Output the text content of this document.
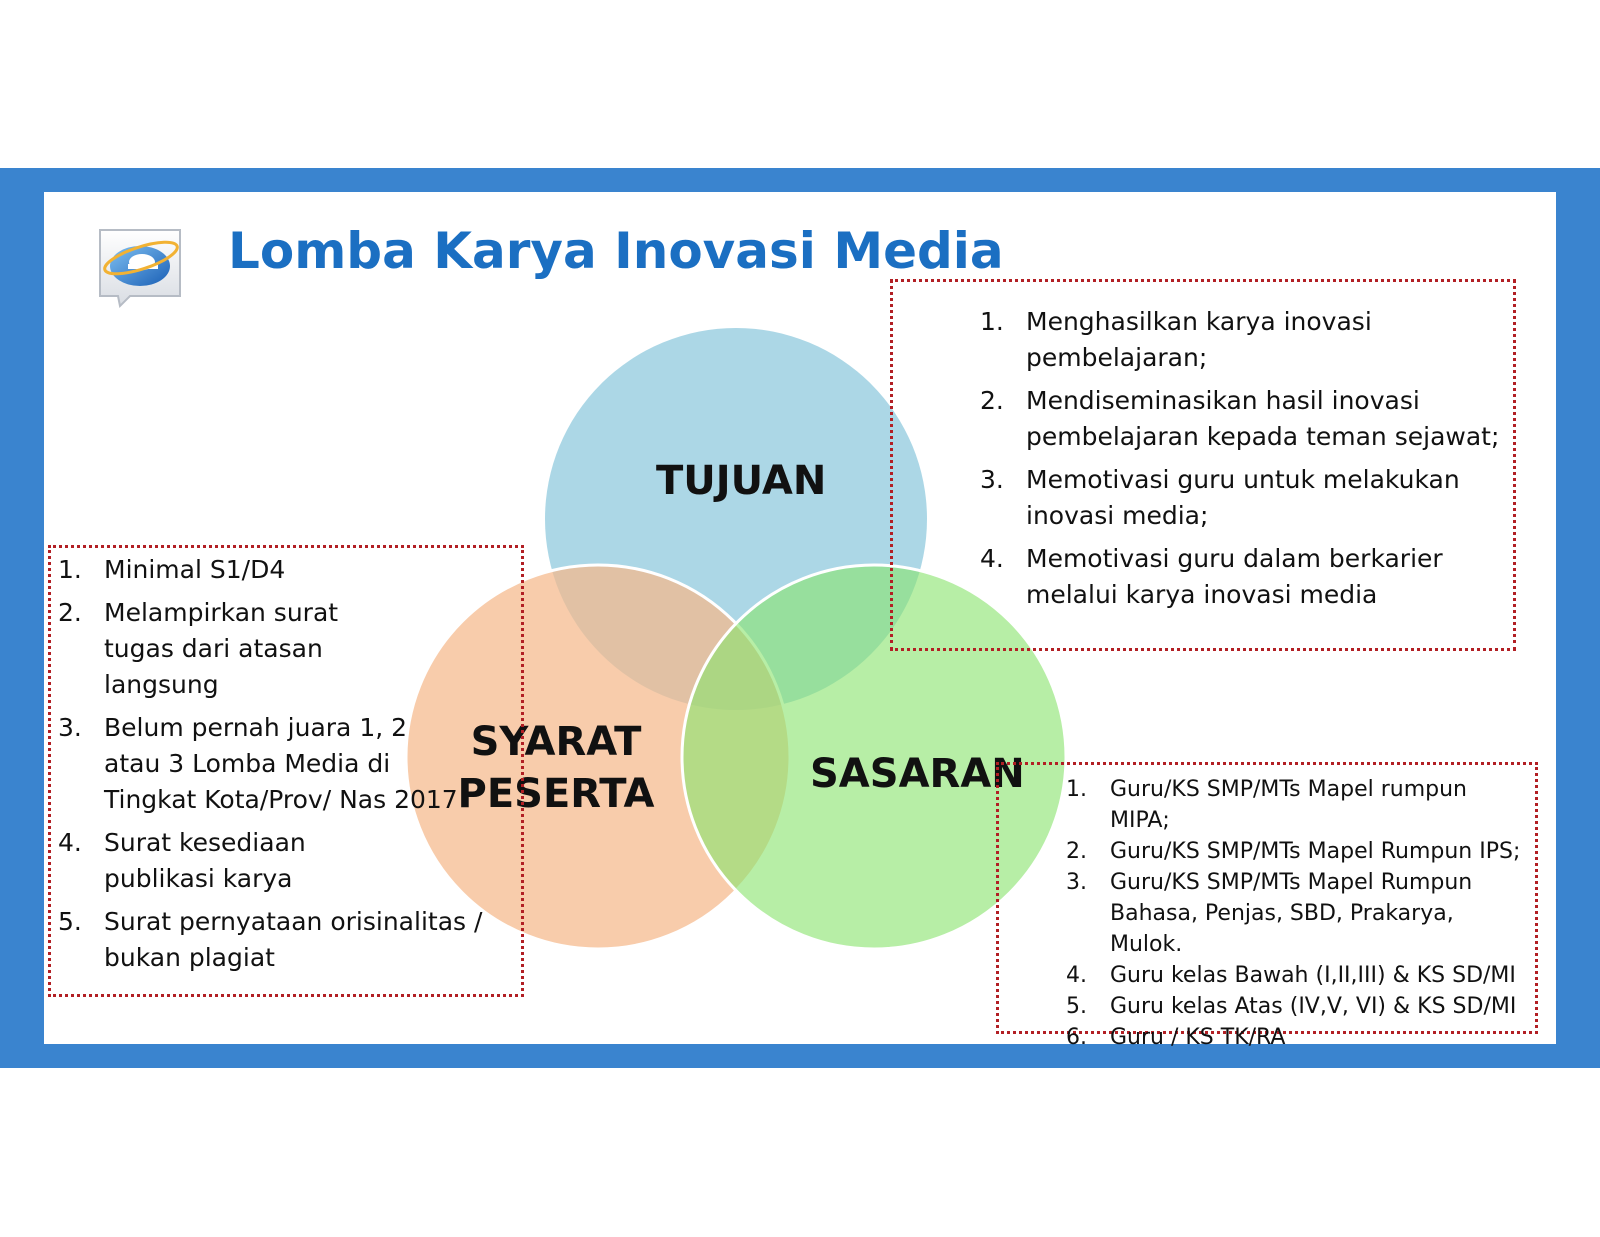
Lomba Karya Inovasi Media
TUJUAN
SYARAT
PESERTA	SASARAN
1. Menghasilkan karya inovasi pembelajaran;
2. Mendiseminasikan hasil inovasi pembelajaran kepada teman sejawat;
3. Memotivasi guru untuk melakukan inovasi media;
4. Memotivasi guru dalam berkarier melalui karya inovasi media
1. Minimal S1/D4
2. Melampirkan surat tugas dari atasan langsung
3. Belum pernah juara 1, 2 atau 3 Lomba Media di Tingkat Kota/Prov/ Nas 2017
4. Surat kesediaan publikasi karya
5. Surat pernyataan orisinalitas / bukan plagiat
1. Guru/KS SMP/MTs Mapel rumpun MIPA;
2. Guru/KS SMP/MTs Mapel Rumpun IPS;
3. Guru/KS SMP/MTs Mapel Rumpun Bahasa, Penjas, SBD, Prakarya, Mulok.
4. Guru kelas Bawah (I,II,III) & KS SD/MI
5. Guru kelas Atas (IV,V, VI) & KS SD/MI
6. Guru / KS TK/RA
